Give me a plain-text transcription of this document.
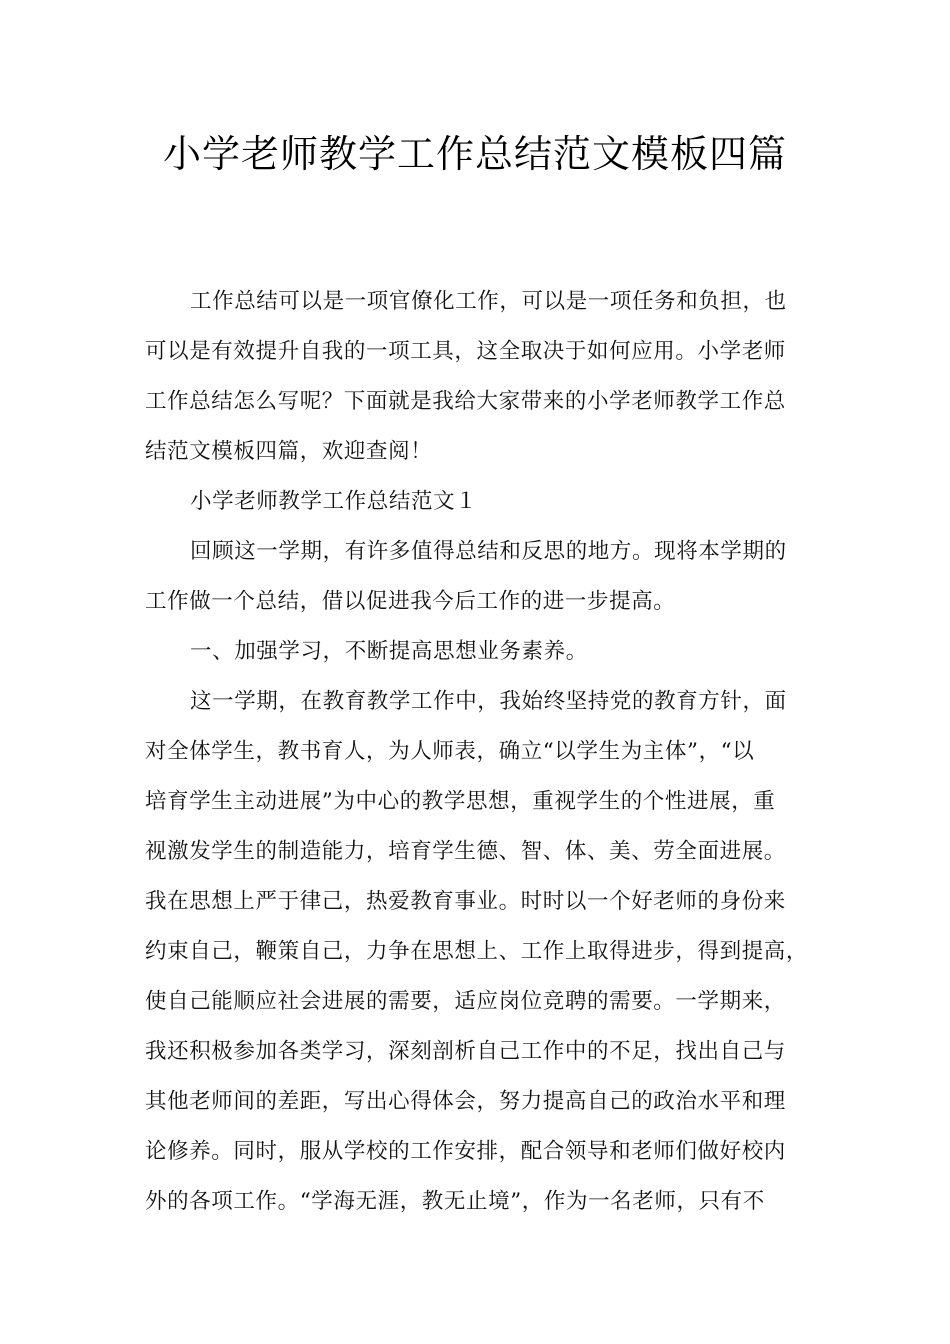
小学老师教学工作总结范文模板四篇
工作总结可以是一项官僚化工作，可以是一项任务和负担，也
可以是有效提升自我的一项工具，这全取决于如何应用。小学老师
工作总结怎么写呢？下面就是我给大家带来的小学老师教学工作总
结范文模板四篇，欢迎查阅！
小学老师教学工作总结范文１
回顾这一学期，有许多值得总结和反思的地方。现将本学期的
工作做一个总结，借以促进我今后工作的进一步提高。
一、加强学习，不断提高思想业务素养。
这一学期，在教育教学工作中，我始终坚持党的教育方针，面
对全体学生，教书育人，为人师表，确立“以学生为主体”，“以
培育学生主动进展”为中心的教学思想，重视学生的个性进展，重
视激发学生的制造能力，培育学生德、智、体、美、劳全面进展。
我在思想上严于律己，热爱教育事业。时时以一个好老师的身份来
约束自己，鞭策自己，力争在思想上、工作上取得进步，得到提高，
使自己能顺应社会进展的需要，适应岗位竞聘的需要。一学期来，
我还积极参加各类学习，深刻剖析自己工作中的不足，找出自己与
其他老师间的差距，写出心得体会，努力提高自己的政治水平和理
论修养。同时，服从学校的工作安排，配合领导和老师们做好校内
外的各项工作。“学海无涯，教无止境”，作为一名老师，只有不
